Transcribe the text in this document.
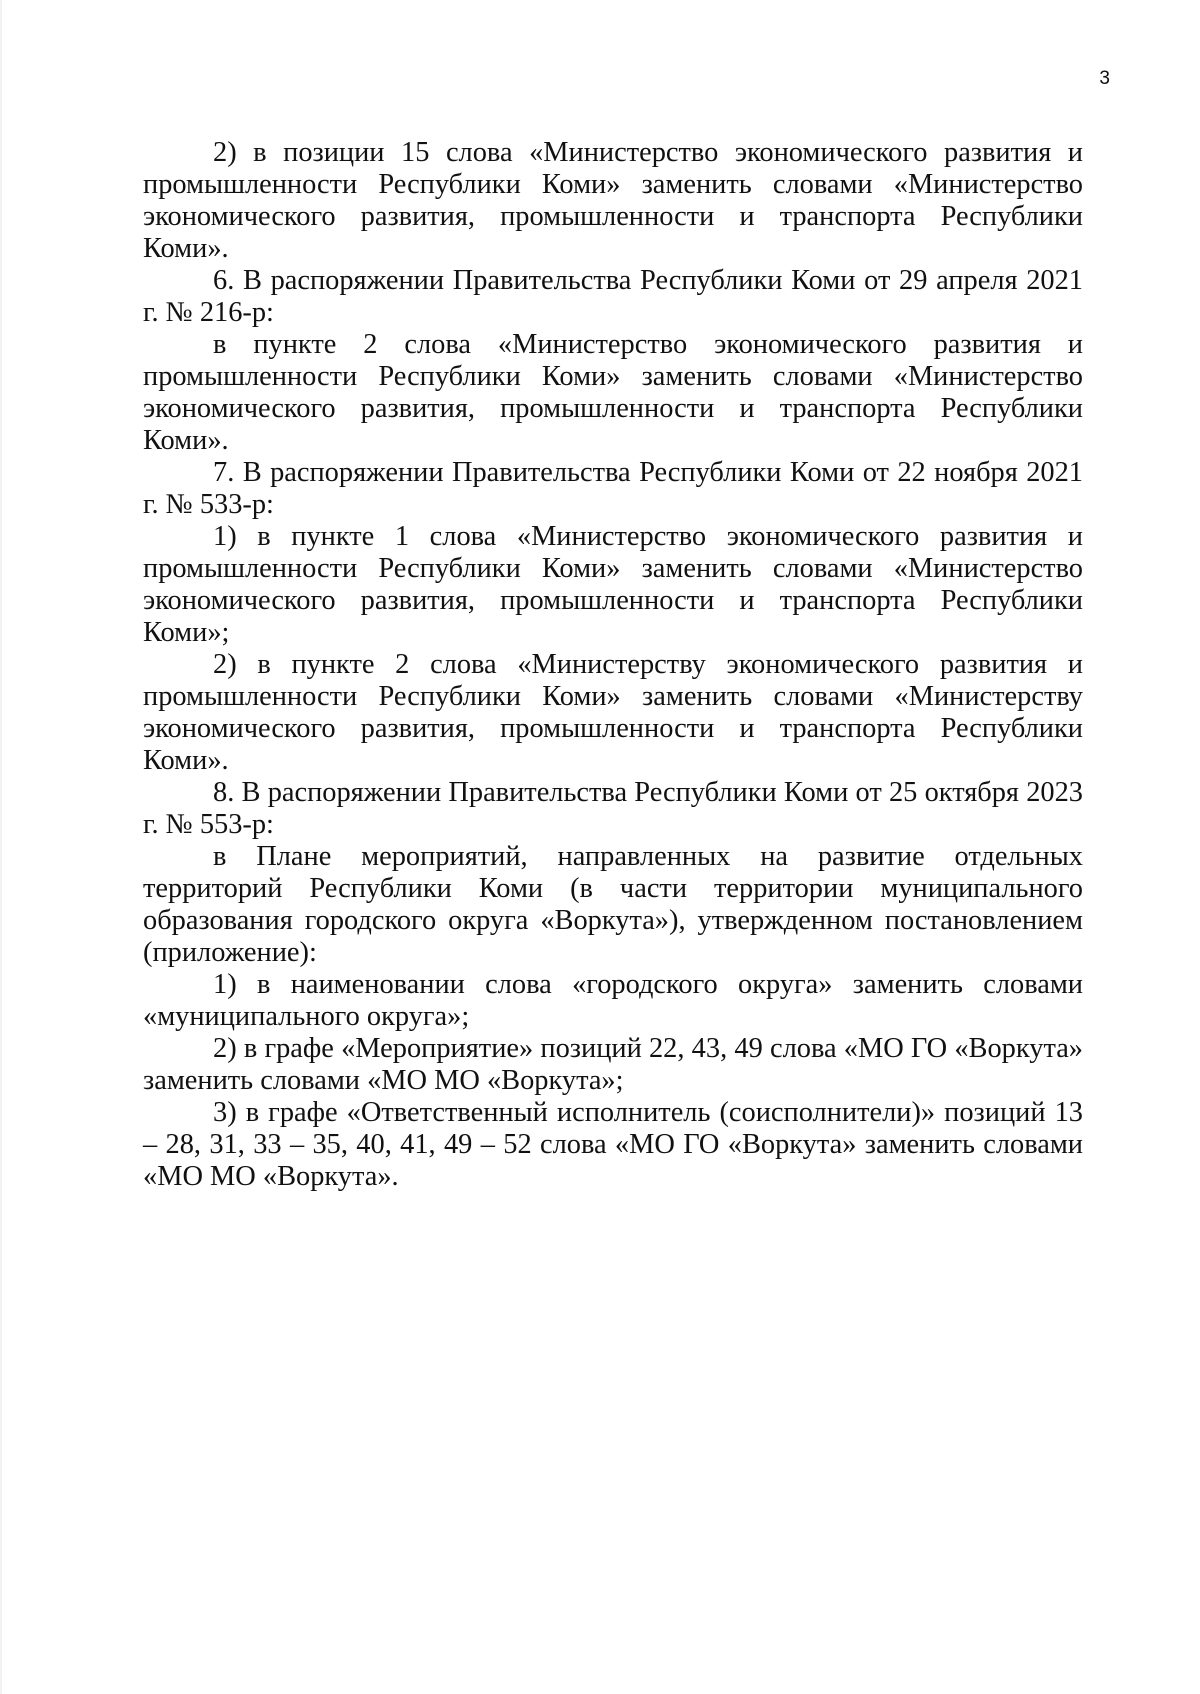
3

2) в позиции 15 слова «Министерство экономического развития и промышленности Республики Коми» заменить словами «Министерство экономического развития, промышленности и транспорта Республики Коми».

6. В распоряжении Правительства Республики Коми от 29 апреля 2021 г. № 216-р:

в пункте 2 слова «Министерство экономического развития и промышленности Республики Коми» заменить словами «Министерство экономического развития, промышленности и транспорта Республики Коми».

7. В распоряжении Правительства Республики Коми от 22 ноября 2021 г. № 533-р:

1) в пункте 1 слова «Министерство экономического развития и промышленности Республики Коми» заменить словами «Министерство экономического развития, промышленности и транспорта Республики Коми»;

2) в пункте 2 слова «Министерству экономического развития и промышленности Республики Коми» заменить словами «Министерству экономического развития, промышленности и транспорта Республики Коми».

8. В распоряжении Правительства Республики Коми от 25 октября 2023 г. № 553-р:

в Плане мероприятий, направленных на развитие отдельных территорий Республики Коми (в части территории муниципального образования городского округа «Воркута»), утвержденном постановлением (приложение):

1) в наименовании слова «городского округа» заменить словами «муниципального округа»;

2) в графе «Мероприятие» позиций 22, 43, 49 слова «МО ГО «Воркута» заменить словами «МО МО «Воркута»;

3) в графе «Ответственный исполнитель (соисполнители)» позиций 13 – 28, 31, 33 – 35, 40, 41, 49 – 52 слова «МО ГО «Воркута» заменить словами «МО МО «Воркута».
